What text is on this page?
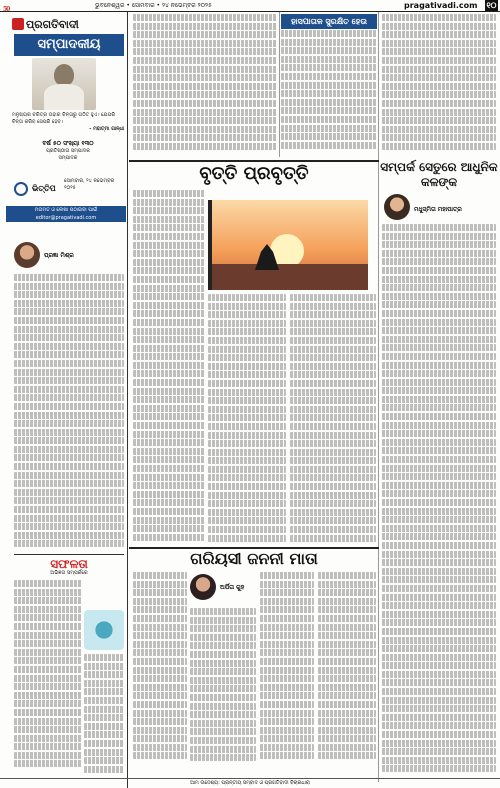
50
ଭୁବନେଶ୍ୱର • ସୋମବାର • ୨୪ ନଭେମ୍ବର ୨୦୨୫	pragativadi.com ୧୦
ପ୍ରଗତିବାଦୀ
ସମ୍ପାଦକୀୟ
ମନୁଷ୍ୟର ଚରିତ୍ର ତାହାର ଚିନ୍ତାରୁ ଗଠିତ ହୁଏ। ଯେପରି ଚିନ୍ତା କରିବ ସେପରି ହେବ।
- ମହାତ୍ମା ଗାନ୍ଧୀ
ବର୍ଷ ୫୦ ସଂଖ୍ୟା ୧୩୦
ପ୍ରତିଷ୍ଠାତା ସମ୍ପାଦକ
ସମ୍ପାଦକ
ଭିତ୍ତିପ
ସୋମବାର, ୨୪ ନଭେମ୍ବର ୨୦୨୫
ମତାମତ ଓ ଲେଖା ପଠାଇବା ପାଇଁ editor@pragativadi.com
ପ୍ରଜ୍ଞା ମିଶ୍ର
ସଫଳତା
ଅଭିଜ୍ଞତା ସମ୍ପର୍କରେ
ହାସପାତାଳ ସୁରକ୍ଷିତ ହେଉ
ବୃତ୍ତି ପ୍ରବୃତ୍ତି	ସମ୍ପର୍କ ସେତୁରେ ଆଧୁନିକ କଳଙ୍କ
ମଧୁସ୍ମିତା ମହାପାତ୍ର
ଗରିୟସୀ ଜନନୀ ମାତା
ଅର୍ପିତା ଗୁହ
ଆମ ଉଦ୍ଦେଶ୍ୟ: ପ୍ରାନ୍ତୀୟ ସମ୍ବାଦ ଓ ପ୍ରଗତିବାଦୀ ବିଚାରଧାରା
